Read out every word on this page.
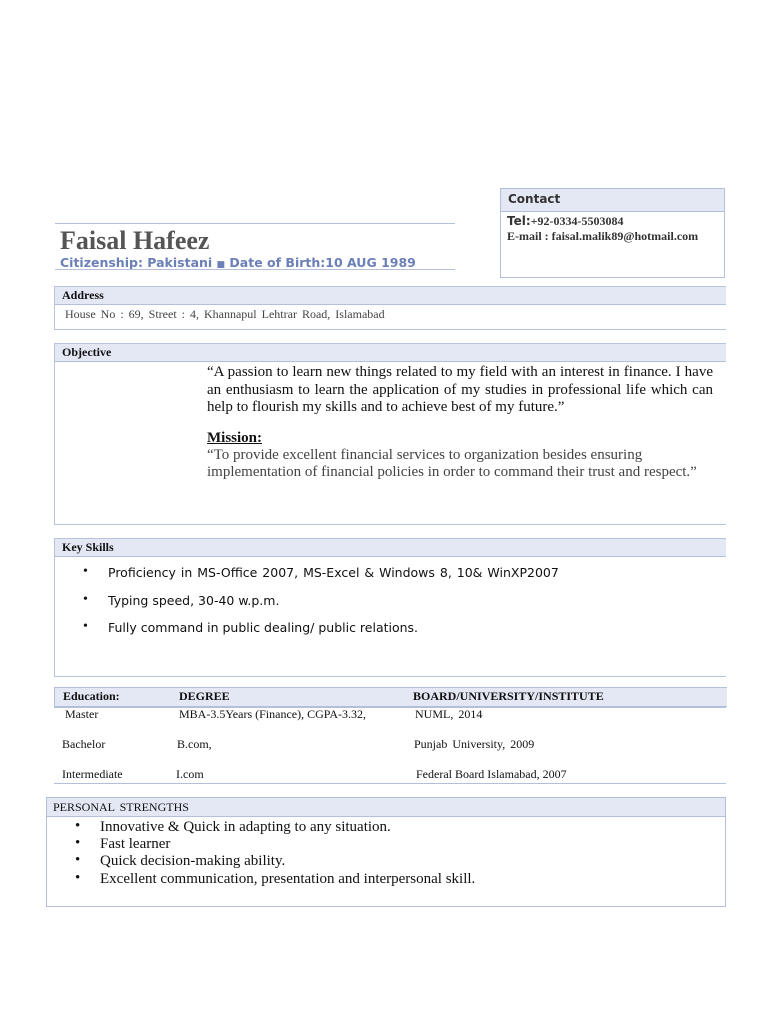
Contact
Tel:+92-0334-5503084
E-mail : faisal.malik89@hotmail.com
Faisal Hafeez
Citizenship: Pakistani ■ Date of Birth:10 AUG 1989
Address
House No : 69, Street : 4, Khannapul Lehtrar Road, Islamabad
Objective
“A passion to learn new things related to my field with an interest in finance. I have an enthusiasm to learn the application of my studies in professional life which can help to flourish my skills and to achieve best of my future.”
Mission:
“To provide excellent financial services to organization besides ensuring implementation of financial policies in order to command their trust and respect.”
Key Skills
• Proficiency in MS-Office 2007, MS-Excel & Windows 8, 10& WinXP2007
• Typing speed, 30-40 w.p.m.
• Fully command in public dealing/ public relations.
Education:	DEGREE	BOARD/UNIVERSITY/INSTITUTE
Master	MBA-3.5Years (Finance), CGPA-3.32,	NUML, 2014
Bachelor	B.com,	Punjab University, 2009
Intermediate	I.com	Federal Board Islamabad, 2007
PERSONAL STRENGTHS
• Innovative & Quick in adapting to any situation.
• Fast learner
• Quick decision-making ability.
• Excellent communication, presentation and interpersonal skill.
